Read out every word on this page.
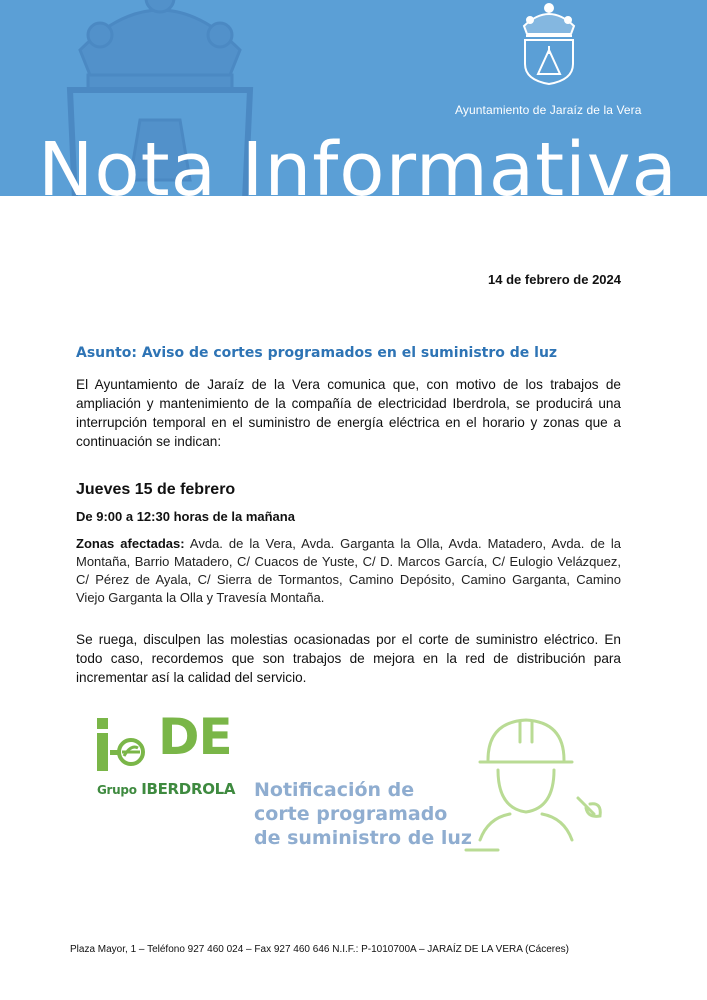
Ayuntamiento de Jaraíz de la Vera
Nota Informativa
14 de febrero de 2024
Asunto: Aviso de cortes programados en el suministro de luz
El Ayuntamiento de Jaraíz de la Vera comunica que, con motivo de los trabajos de ampliación y mantenimiento de la compañía de electricidad Iberdrola, se producirá una interrupción temporal en el suministro de energía eléctrica en el horario y zonas que a continuación se indican:
Jueves 15 de febrero
De 9:00 a 12:30 horas de la mañana
Zonas afectadas: Avda. de la Vera, Avda. Garganta la Olla, Avda. Matadero, Avda. de la Montaña, Barrio Matadero, C/ Cuacos de Yuste, C/ D. Marcos García, C/ Eulogio Velázquez, C/ Pérez de Ayala, C/ Sierra de Tormantos, Camino Depósito, Camino Garganta, Camino Viejo Garganta la Olla y Travesía Montaña.
Se ruega, disculpen las molestias ocasionadas por el corte de suministro eléctrico. En todo caso, recordemos que son trabajos de mejora en la red de distribución para incrementar así la calidad del servicio.
DE
Grupo IBERDROLA Notificación de
corte programado
de suministro de luz
Plaza Mayor, 1 – Teléfono 927 460 024 – Fax 927 460 646 N.I.F.: P-1010700A – JARAÍZ DE LA VERA (Cáceres)
